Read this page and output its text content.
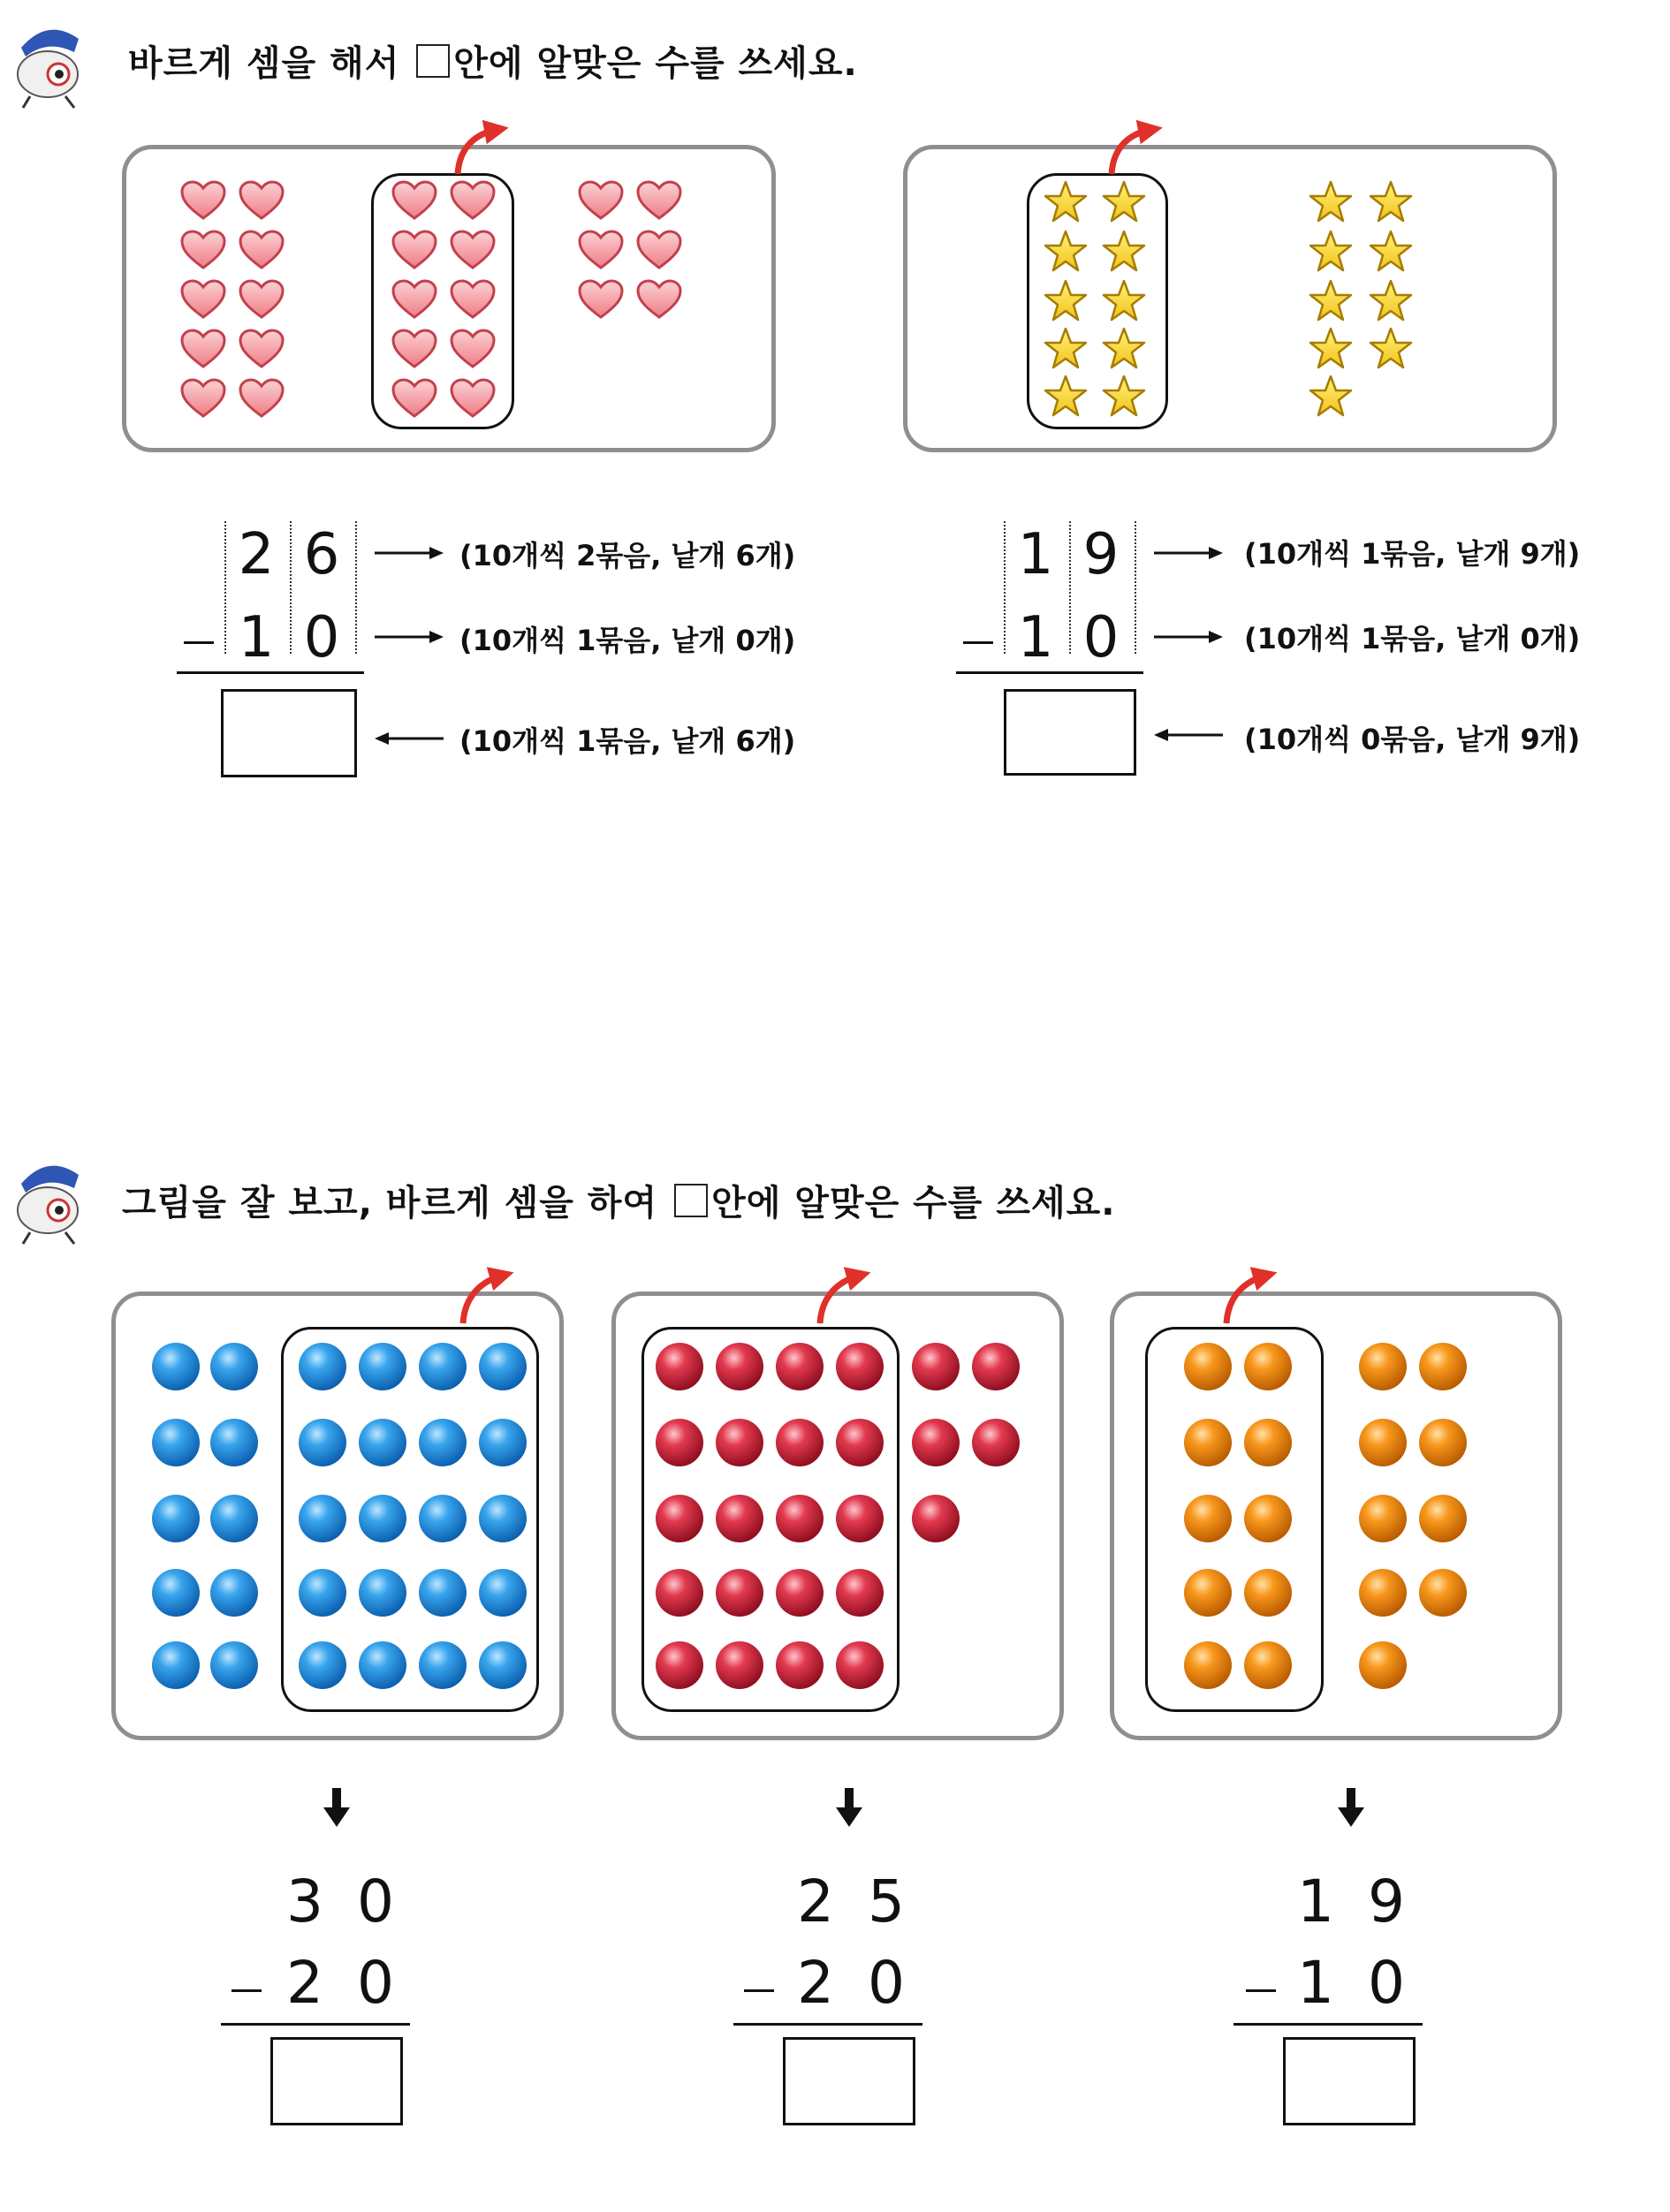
바르게 셈을 해서
안에 알맞은 수를 쓰세요.
2 6
1 0
(10개씩 2묶음, 낱개 6개)
(10개씩 1묶음, 낱개 0개)
(10개씩 1묶음, 낱개 6개)
1 9
1 0
(10개씩 1묶음, 낱개 9개)
(10개씩 1묶음, 낱개 0개)
(10개씩 0묶음, 낱개 9개)
그림을 잘 보고, 바르게 셈을 하여
안에 알맞은 수를 쓰세요.
3 0
2 0
2 5
2 0
1 9
1 0
